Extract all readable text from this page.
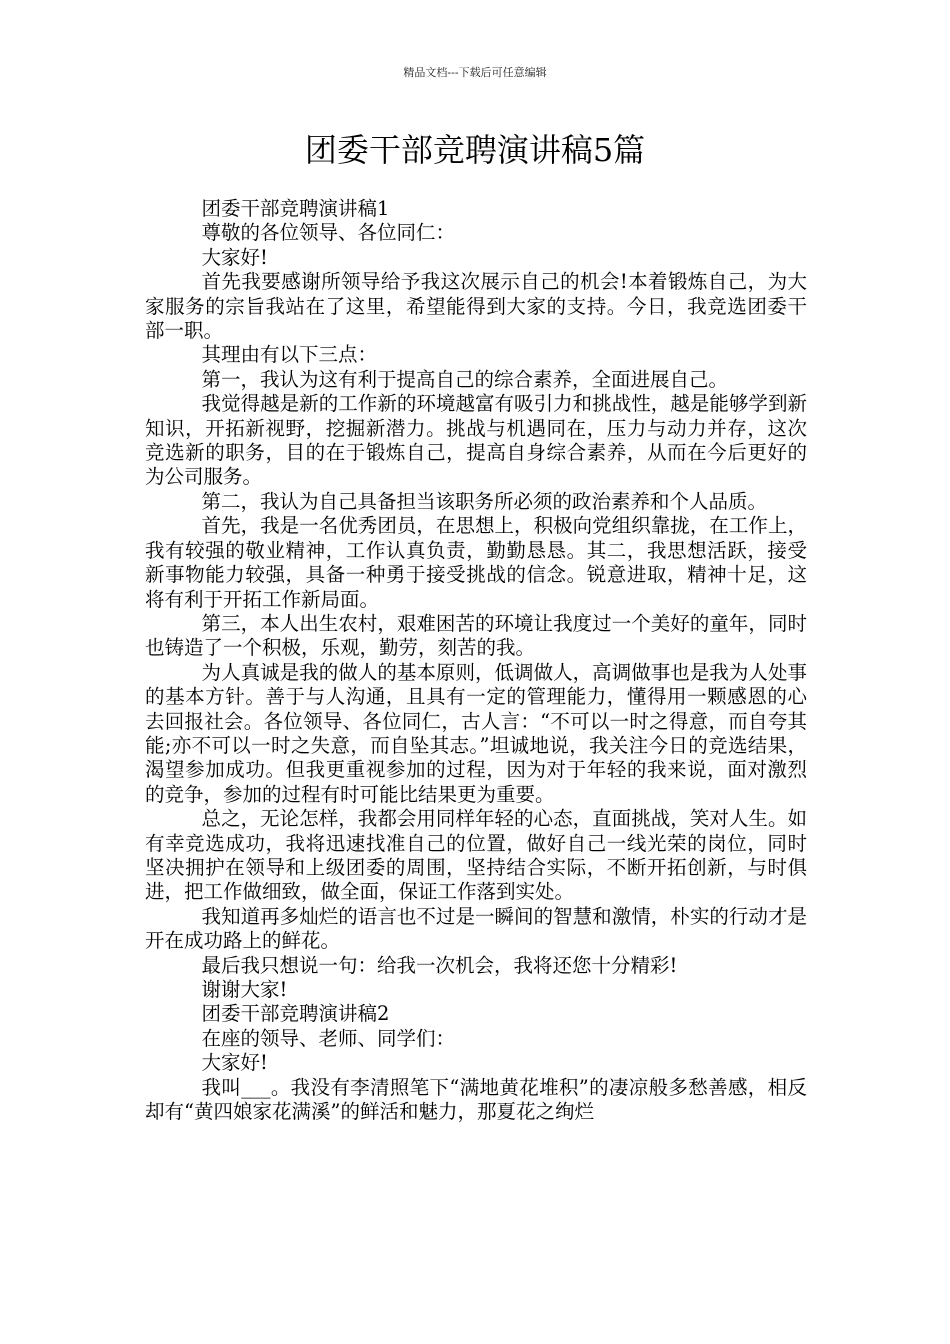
精品文档---下载后可任意编辑
团委干部竞聘演讲稿5篇

团委干部竞聘演讲稿1

尊敬的各位领导、各位同仁：

大家好!

首先我要感谢所领导给予我这次展示自己的机会!本着锻炼自己，为大家服务的宗旨我站在了这里，希望能得到大家的支持。今日，我竞选团委干部一职。

其理由有以下三点：

第一，我认为这有利于提高自己的综合素养，全面进展自己。

我觉得越是新的工作新的环境越富有吸引力和挑战性，越是能够学到新知识，开拓新视野，挖掘新潜力。挑战与机遇同在，压力与动力并存，这次竞选新的职务，目的在于锻炼自己，提高自身综合素养，从而在今后更好的为公司服务。

第二，我认为自己具备担当该职务所必须的政治素养和个人品质。

首先，我是一名优秀团员，在思想上，积极向党组织靠拢，在工作上，我有较强的敬业精神，工作认真负责，勤勤恳恳。其二，我思想活跃，接受新事物能力较强，具备一种勇于接受挑战的信念。锐意进取，精神十足，这将有利于开拓工作新局面。

第三，本人出生农村，艰难困苦的环境让我度过一个美好的童年，同时也铸造了一个积极，乐观，勤劳，刻苦的我。

为人真诚是我的做人的基本原则，低调做人，高调做事也是我为人处事的基本方针。善于与人沟通，且具有一定的管理能力，懂得用一颗感恩的心去回报社会。各位领导、各位同仁，古人言：“不可以一时之得意，而自夸其能;亦不可以一时之失意，而自坠其志。”坦诚地说，我关注今日的竞选结果，渴望参加成功。但我更重视参加的过程，因为对于年轻的我来说，面对激烈的竞争，参加的过程有时可能比结果更为重要。

总之，无论怎样，我都会用同样年轻的心态，直面挑战，笑对人生。如有幸竞选成功，我将迅速找准自己的位置，做好自己一线光荣的岗位，同时坚决拥护在领导和上级团委的周围，坚持结合实际，不断开拓创新，与时俱进，把工作做细致，做全面，保证工作落到实处。

我知道再多灿烂的语言也不过是一瞬间的智慧和激情，朴实的行动才是开在成功路上的鲜花。

最后我只想说一句：给我一次机会，我将还您十分精彩!

谢谢大家!

团委干部竞聘演讲稿2

在座的领导、老师、同学们：

大家好!

我叫___。我没有李清照笔下“满地黄花堆积”的凄凉般多愁善感，相反却有“黄四娘家花满溪”的鲜活和魅力，那夏花之绚烂
